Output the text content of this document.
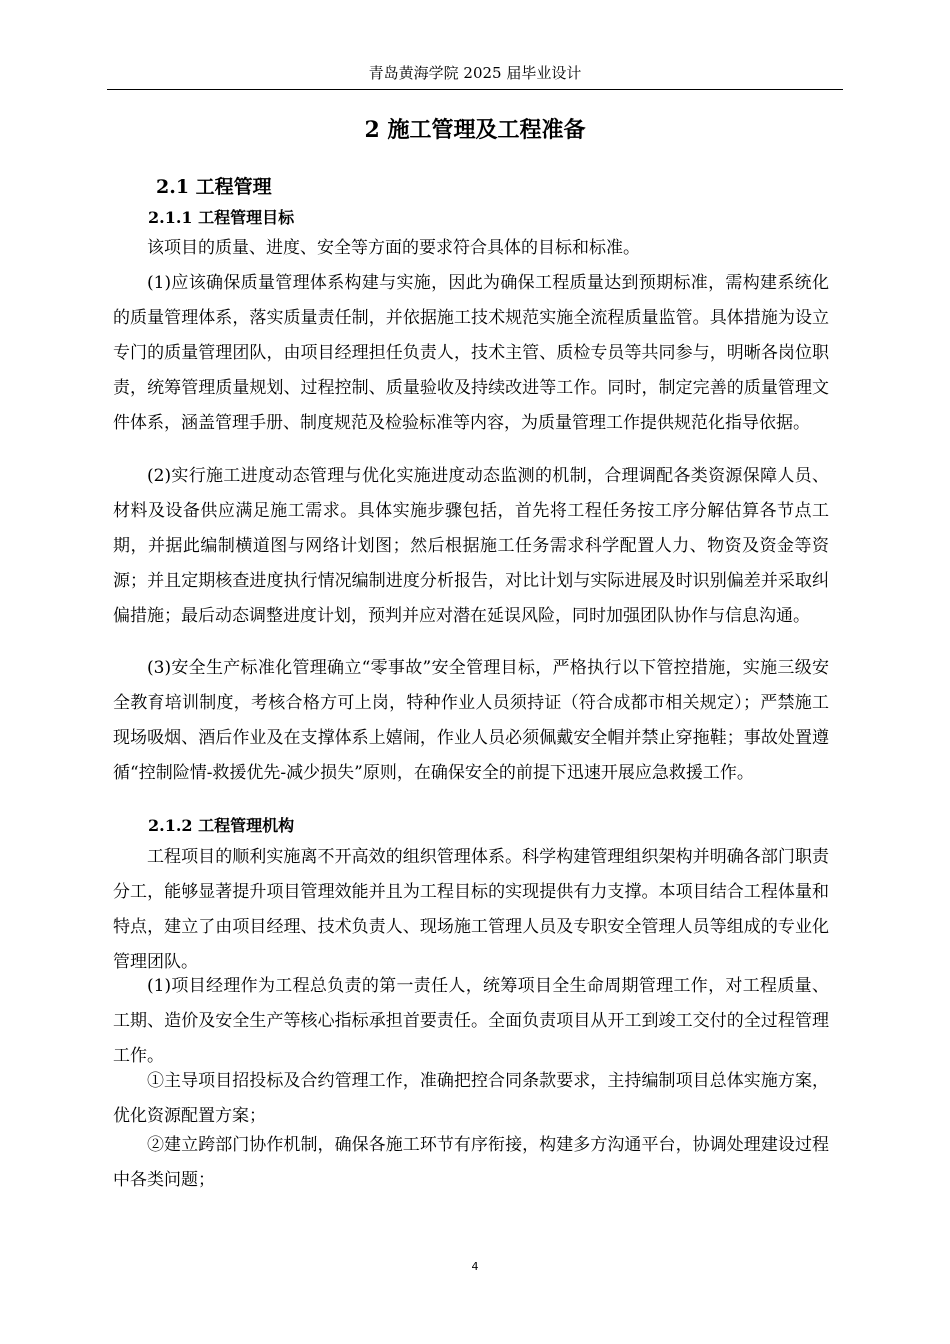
青岛黄海学院 2025 届毕业设计
2 施工管理及工程准备
2.1 工程管理
2.1.1 工程管理目标

该项目的质量、进度、安全等方面的要求符合具体的目标和标准。

(1)应该确保质量管理体系构建与实施，因此为确保工程质量达到预期标准，需构建系统化的质量管理体系，落实质量责任制，并依据施工技术规范实施全流程质量监管。具体措施为设立专门的质量管理团队，由项目经理担任负责人，技术主管、质检专员等共同参与，明晰各岗位职责，统筹管理质量规划、过程控制、质量验收及持续改进等工作。同时，制定完善的质量管理文件体系，涵盖管理手册、制度规范及检验标准等内容，为质量管理工作提供规范化指导依据。

(2)实行施工进度动态管理与优化实施进度动态监测的机制，合理调配各类资源保障人员、材料及设备供应满足施工需求。具体实施步骤包括，首先将工程任务按工序分解估算各节点工期，并据此编制横道图与网络计划图；然后根据施工任务需求科学配置人力、物资及资金等资源；并且定期核查进度执行情况编制进度分析报告，对比计划与实际进展及时识别偏差并采取纠偏措施；最后动态调整进度计划，预判并应对潜在延误风险，同时加强团队协作与信息沟通。

(3)安全生产标准化管理确立“零事故”安全管理目标，严格执行以下管控措施，实施三级安全教育培训制度，考核合格方可上岗，特种作业人员须持证（符合成都市相关规定）；严禁施工现场吸烟、酒后作业及在支撑体系上嬉闹，作业人员必须佩戴安全帽并禁止穿拖鞋；事故处置遵循“控制险情-救援优先-减少损失”原则，在确保安全的前提下迅速开展应急救援工作。

2.1.2 工程管理机构

工程项目的顺利实施离不开高效的组织管理体系。科学构建管理组织架构并明确各部门职责分工，能够显著提升项目管理效能并且为工程目标的实现提供有力支撑。本项目结合工程体量和特点，建立了由项目经理、技术负责人、现场施工管理人员及专职安全管理人员等组成的专业化管理团队。

(1)项目经理作为工程总负责的第一责任人，统筹项目全生命周期管理工作，对工程质量、工期、造价及安全生产等核心指标承担首要责任。全面负责项目从开工到竣工交付的全过程管理工作。

①主导项目招投标及合约管理工作，准确把控合同条款要求，主持编制项目总体实施方案，优化资源配置方案；

②建立跨部门协作机制，确保各施工环节有序衔接，构建多方沟通平台，协调处理建设过程中各类问题；

4
